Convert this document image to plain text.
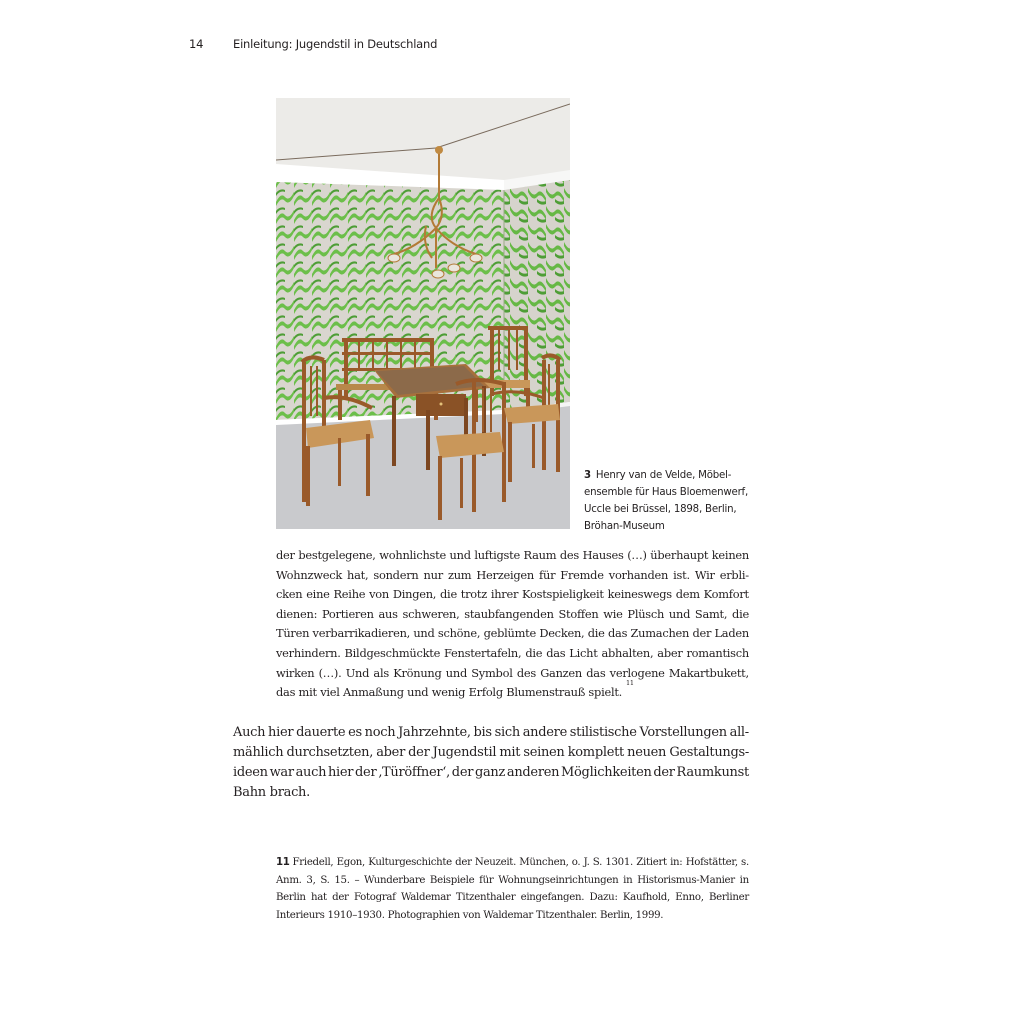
14	Einleitung: Jugendstil in Deutschland
3 Henry van de Velde, Möbel-
ensemble für Haus Bloemenwerf,
Uccle bei Brüssel, 1898, Berlin,
Bröhan-Museum
der bestgelegene, wohnlichste und luftigste Raum des Hauses (…) überhaupt keinen
Wohnzweck hat, sondern nur zum Herzeigen für Fremde vorhanden ist. Wir erbli-
cken eine Reihe von Dingen, die trotz ihrer Kostspieligkeit keineswegs dem Komfort
dienen: Portieren aus schweren, staubfangenden Stoffen wie Plüsch und Samt, die
Türen verbarrikadieren, und schöne, geblümte Decken, die das Zumachen der Laden
verhindern. Bildgeschmückte Fenstertafeln, die das Licht abhalten, aber romantisch
wirken (…). Und als Krönung und Symbol des Ganzen das verlogene Makartbukett,
das mit viel Anmaßung und wenig Erfolg Blumenstrauß spielt.
11
Auch hier dauerte es noch Jahrzehnte, bis sich andere stilistische Vorstellungen all-
mählich durchsetzten, aber der Jugendstil mit seinen komplett neuen Gestaltungs-
ideen war auch hier der ‚Türöffner‘, der ganz anderen Möglichkeiten der Raumkunst
Bahn brach.
11 Friedell, Egon, Kulturgeschichte der Neuzeit. München, o. J. S. 1301. Zitiert in: Hofstätter, s.
Anm. 3, S. 15. – Wunderbare Beispiele für Wohnungseinrichtungen in Historismus-Manier in
Berlin hat der Fotograf Waldemar Titzenthaler eingefangen. Dazu: Kaufhold, Enno, Berliner
Interieurs 1910–1930. Photographien von Waldemar Titzenthaler. Berlin, 1999.
